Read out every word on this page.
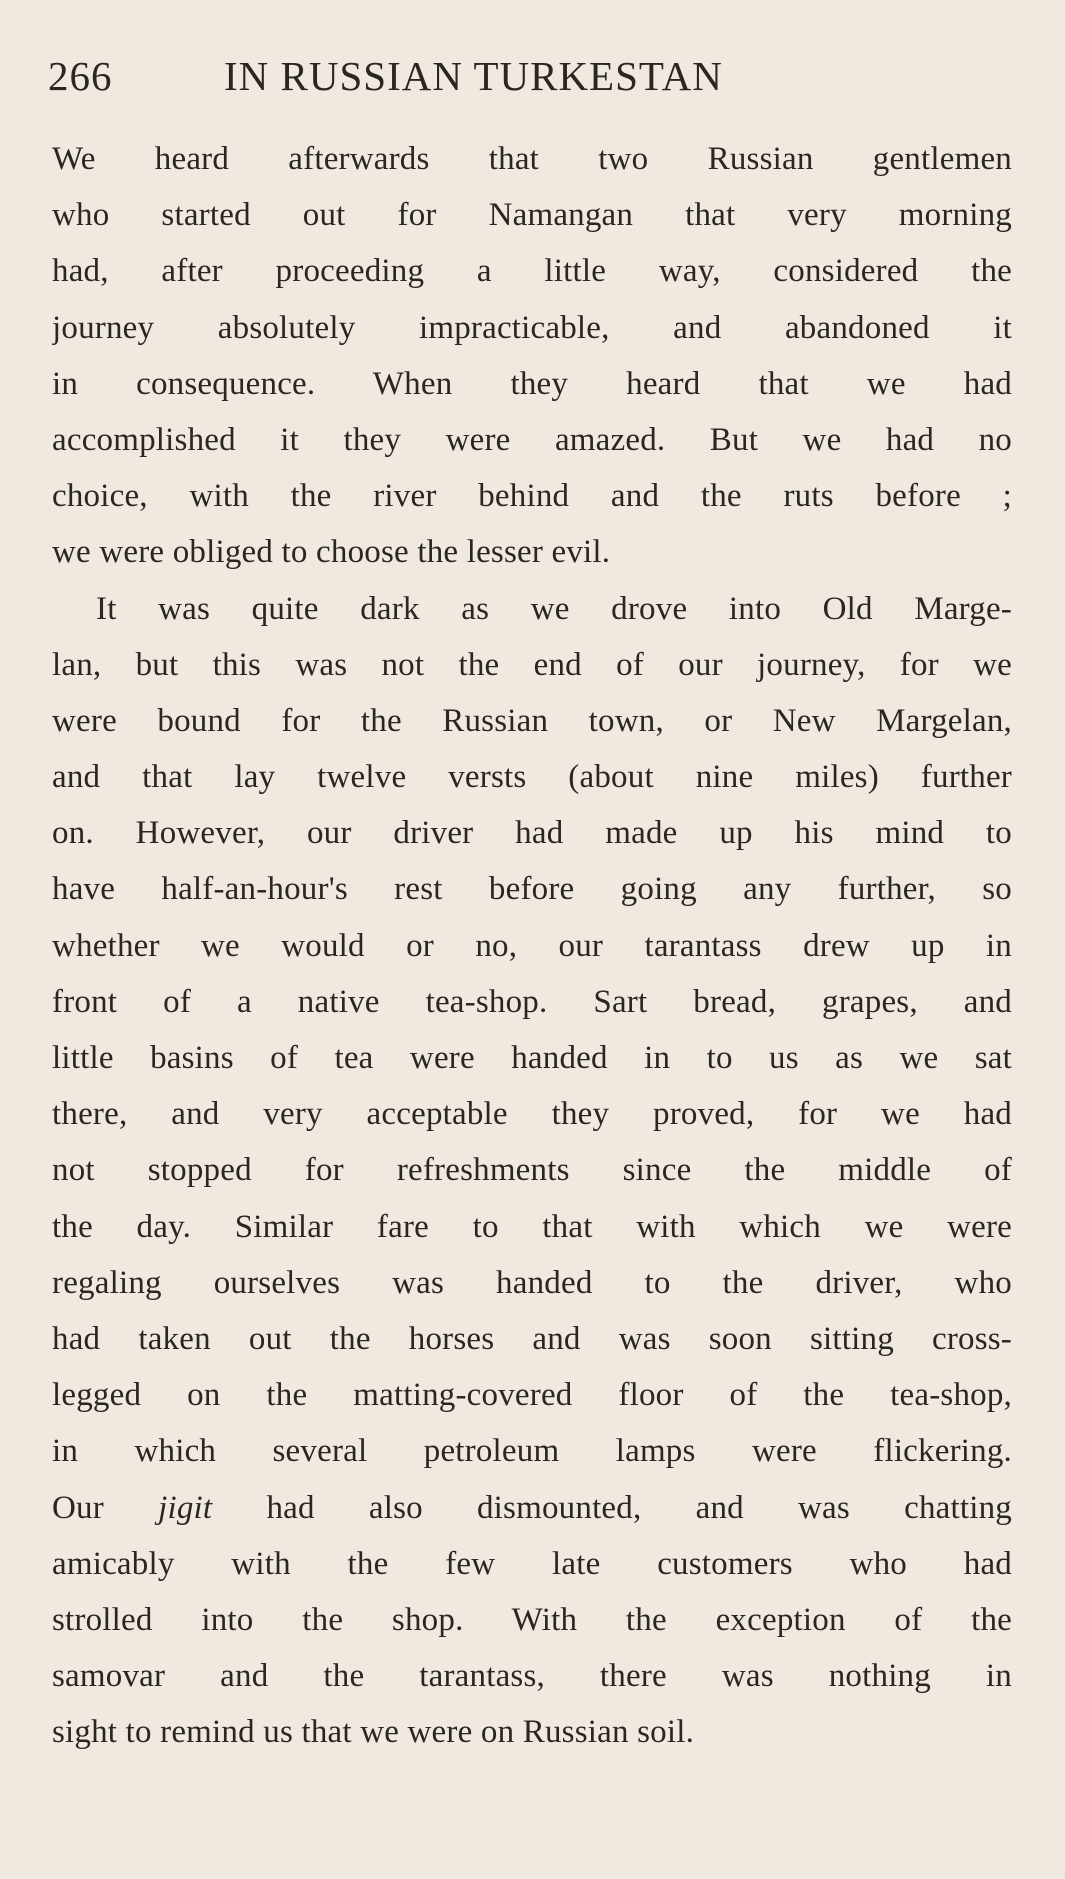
266	IN RUSSIAN TURKESTAN
We heard afterwards that two Russian gentlemen
who started out for Namangan that very morning
had, after proceeding a little way, considered the
journey absolutely impracticable, and abandoned it
in consequence. When they heard that we had
accomplished it they were amazed. But we had no
choice, with the river behind and the ruts before ;
we were obliged to choose the lesser evil.
It was quite dark as we drove into Old Marge-
lan, but this was not the end of our journey, for we
were bound for the Russian town, or New Margelan,
and that lay twelve versts (about nine miles) further
on. However, our driver had made up his mind to
have half-an-hour's rest before going any further, so
whether we would or no, our tarantass drew up in
front of a native tea-shop. Sart bread, grapes, and
little basins of tea were handed in to us as we sat
there, and very acceptable they proved, for we had
not stopped for refreshments since the middle of
the day. Similar fare to that with which we were
regaling ourselves was handed to the driver, who
had taken out the horses and was soon sitting cross-
legged on the matting-covered floor of the tea-shop,
in which several petroleum lamps were flickering.
Our jigit had also dismounted, and was chatting
amicably with the few late customers who had
strolled into the shop. With the exception of the
samovar and the tarantass, there was nothing in
sight to remind us that we were on Russian soil.
